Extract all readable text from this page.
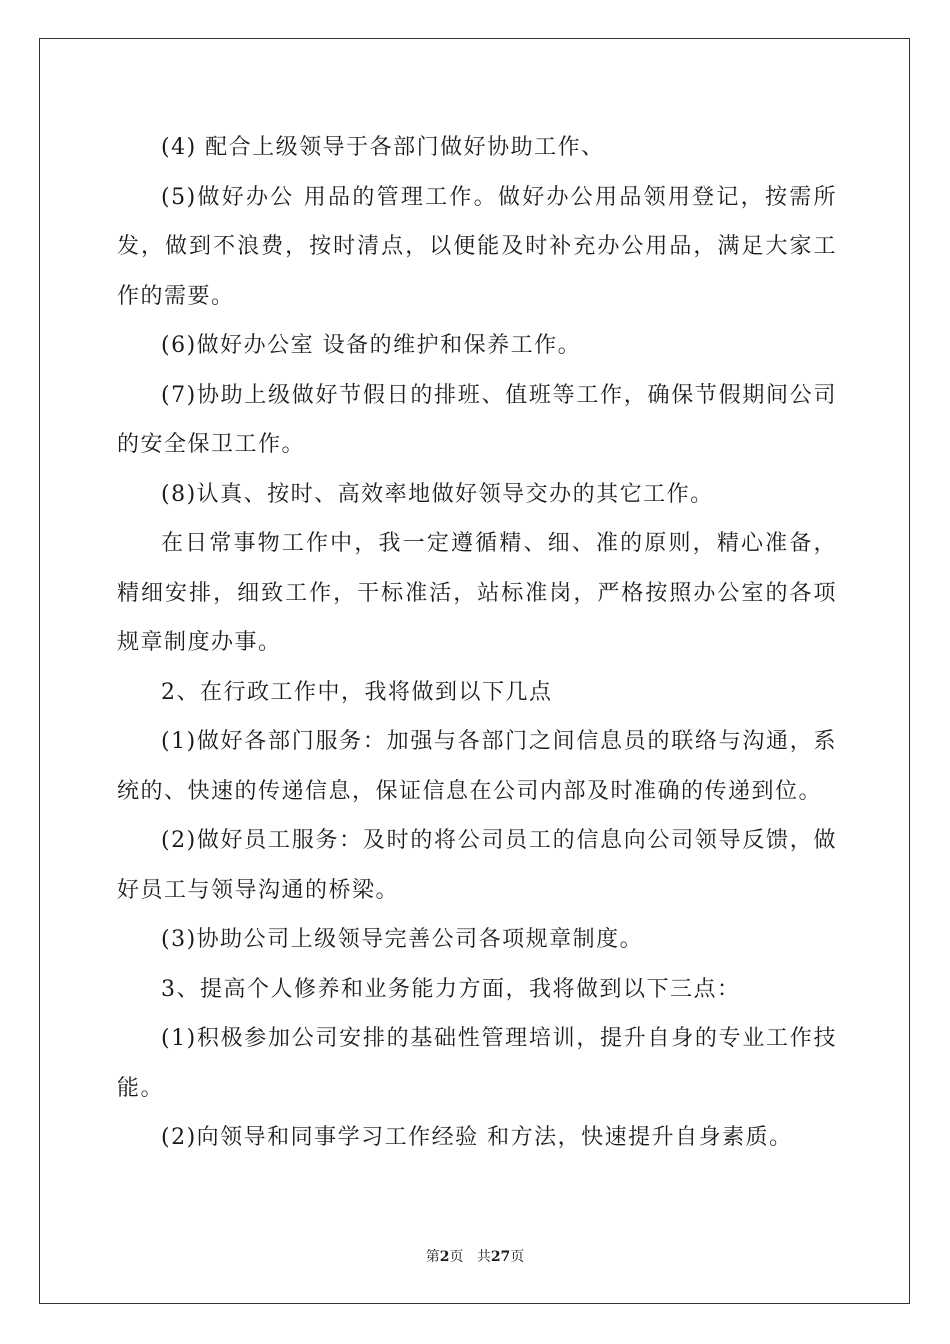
(4) 配合上级领导于各部门做好协助工作、

(5)做好办公 用品的管理工作。做好办公用品领用登记，按需所发，做到不浪费，按时清点，以便能及时补充办公用品，满足大家工作的需要。

(6)做好办公室 设备的维护和保养工作。

(7)协助上级做好节假日的排班、值班等工作，确保节假期间公司的安全保卫工作。

(8)认真、按时、高效率地做好领导交办的其它工作。

在日常事物工作中，我一定遵循精、细、准的原则，精心准备，精细安排，细致工作，干标准活，站标准岗，严格按照办公室的各项规章制度办事。

2、在行政工作中，我将做到以下几点

(1)做好各部门服务：加强与各部门之间信息员的联络与沟通，系统的、快速的传递信息，保证信息在公司内部及时准确的传递到位。

(2)做好员工服务：及时的将公司员工的信息向公司领导反馈，做好员工与领导沟通的桥梁。

(3)协助公司上级领导完善公司各项规章制度。

3、提高个人修养和业务能力方面，我将做到以下三点：

(1)积极参加公司安排的基础性管理培训，提升自身的专业工作技能。

(2)向领导和同事学习工作经验 和方法，快速提升自身素质。

第2页 共27页
